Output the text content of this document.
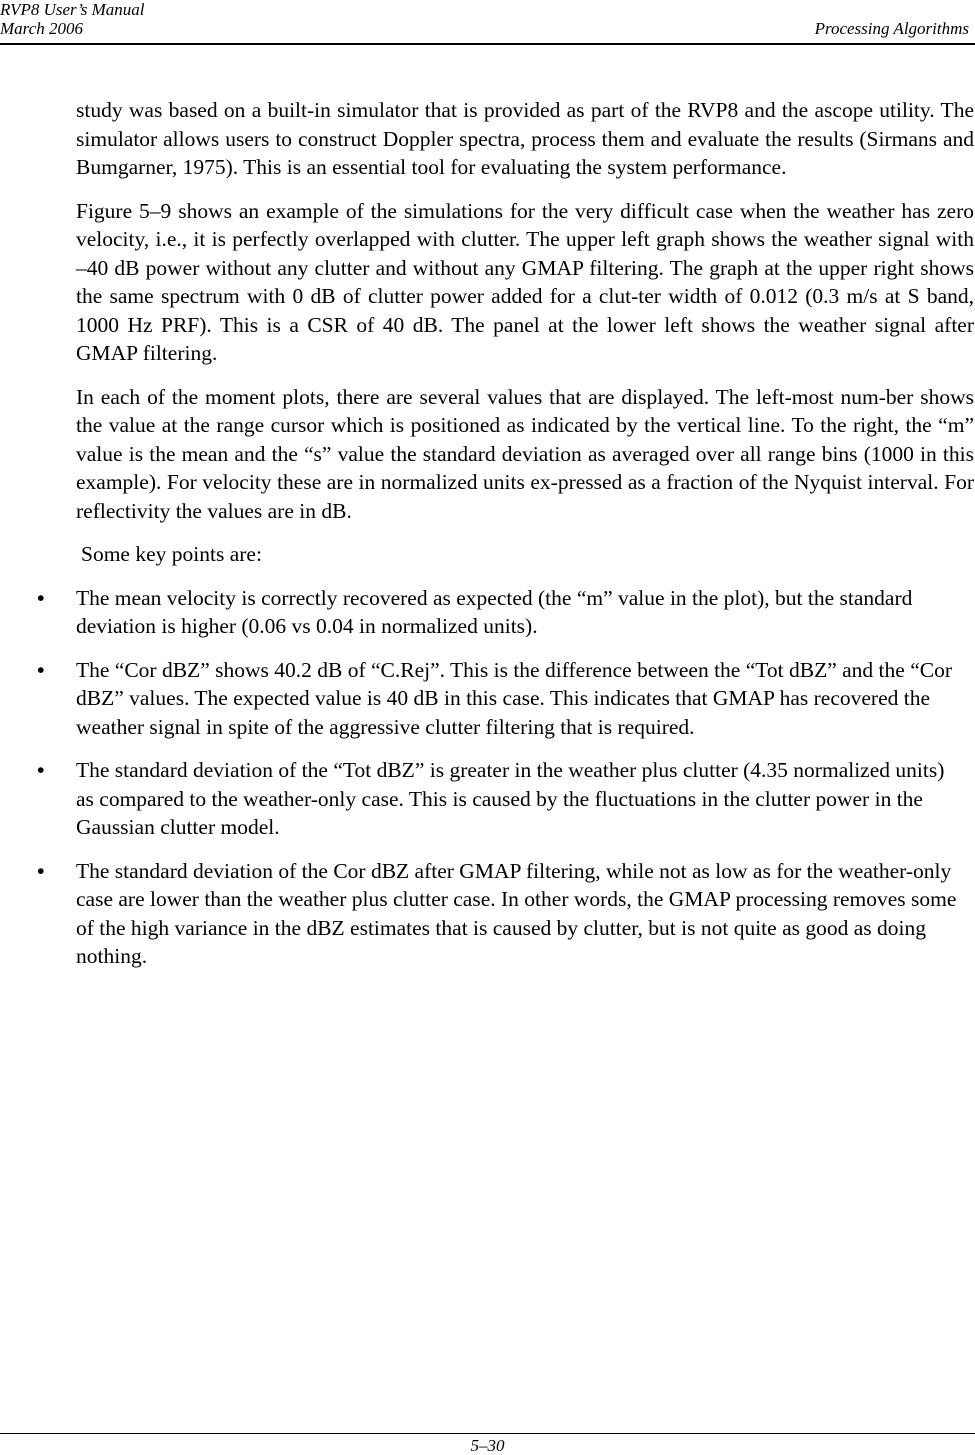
RVP8 User’s Manual
March 2006	Processing Algorithms

study was based on a built-in simulator that is provided as part of the RVP8 and the ascope utility. The simulator allows users to construct Doppler spectra, process them and evaluate the results (Sirmans and Bumgarner, 1975). This is an essential tool for evaluating the system performance.

Figure 5–9 shows an example of the simulations for the very difficult case when the weather has zero velocity, i.e., it is perfectly overlapped with clutter. The upper left graph shows the weather signal with –40 dB power without any clutter and without any GMAP filtering. The graph at the upper right shows the same spectrum with 0 dB of clutter power added for a clut-ter width of 0.012 (0.3 m/s at S band, 1000 Hz PRF). This is a CSR of 40 dB. The panel at the lower left shows the weather signal after GMAP filtering.

In each of the moment plots, there are several values that are displayed. The left-most num-ber shows the value at the range cursor which is positioned as indicated by the vertical line. To the right, the “m” value is the mean and the “s” value the standard deviation as averaged over all range bins (1000 in this example). For velocity these are in normalized units ex-pressed as a fraction of the Nyquist interval. For reflectivity the values are in dB.

Some key points are:

• The mean velocity is correctly recovered as expected (the “m” value in the plot), but the standard deviation is higher (0.06 vs 0.04 in normalized units).
• The “Cor dBZ” shows 40.2 dB of “C.Rej”. This is the difference between the “Tot dBZ” and the “Cor dBZ” values. The expected value is 40 dB in this case. This indicates that GMAP has recovered the weather signal in spite of the aggressive clutter filtering that is required.
• The standard deviation of the “Tot dBZ” is greater in the weather plus clutter (4.35 normalized units) as compared to the weather-only case. This is caused by the fluctuations in the clutter power in the Gaussian clutter model.
• The standard deviation of the Cor dBZ after GMAP filtering, while not as low as for the weather-only case are lower than the weather plus clutter case. In other words, the GMAP processing removes some of the high variance in the dBZ estimates that is caused by clutter, but is not quite as good as doing nothing.
5–30
